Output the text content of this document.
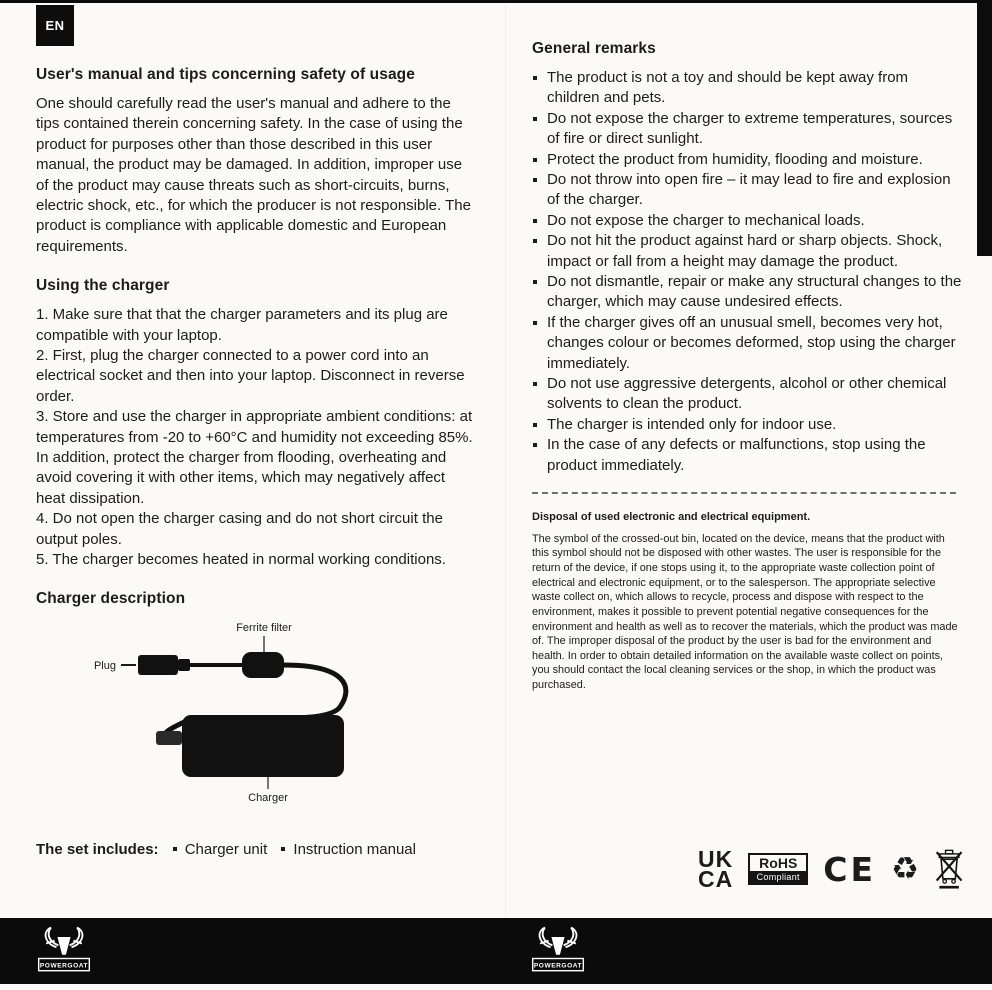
EN
User's manual and tips concerning safety of usage

One should carefully read the user's manual and adhere to the tips contained therein concerning safety. In the case of using the product for purposes other than those described in this user manual, the product may be damaged. In addition, improper use of the product may cause threats such as short-circuits, burns, electric shock, etc., for which the producer is not responsible. The product is compliance with applicable domestic and European requirements.

Using the charger

1. Make sure that that the charger parameters and its plug are compatible with your laptop.

2. First, plug the charger connected to a power cord into an electrical socket and then into your laptop. Disconnect in reverse order.

3. Store and use the charger in appropriate ambient conditions: at temperatures from -20 to +60°C and humidity not exceeding 85%. In addition, protect the charger from flooding, overheating and avoid covering it with other items, which may negatively affect heat dissipation.

4. Do not open the charger casing and do not short circuit the output poles.

5. The charger becomes heated in normal working conditions.

Charger description
Ferrite filter
Plug
Charger
The set includes: Charger unit Instruction manual
General remarks
The product is not a toy and should be kept away from children and pets.
Do not expose the charger to extreme temperatures, sources of fire or direct sunlight.
Protect the product from humidity, flooding and moisture.
Do not throw into open fire – it may lead to fire and explosion of the charger.
Do not expose the charger to mechanical loads.
Do not hit the product against hard or sharp objects. Shock, impact or fall from a height may damage the product.
Do not dismantle, repair or make any structural changes to the charger, which may cause undesired effects.
If the charger gives off an unusual smell, becomes very hot, changes colour or becomes deformed, stop using the charger immediately.
Do not use aggressive detergents, alcohol or other chemical solvents to clean the product.
The charger is intended only for indoor use.
In the case of any defects or malfunctions, stop using the product immediately.
Disposal of used electronic and electrical equipment.
The symbol of the crossed-out bin, located on the device, means that the product with this symbol should not be disposed with other wastes. The user is responsible for the return of the device, if one stops using it, to the appropriate waste collection point of electrical and electronic equipment, or to the salesperson. The appropriate selective waste collect on, which allows to recycle, process and dispose with respect to the environment, makes it possible to prevent potential negative consequences for the environment and health as well as to recover the materials, which the product was made of. The improper disposal of the product by the user is bad for the environment and health. In order to obtain detailed information on the available waste collect on points, you should contact the local cleaning services or the shop, in which the product was purchased.
UK
CA
RoHS
Compliant CE ♻
POWERGOAT	POWERGOAT
